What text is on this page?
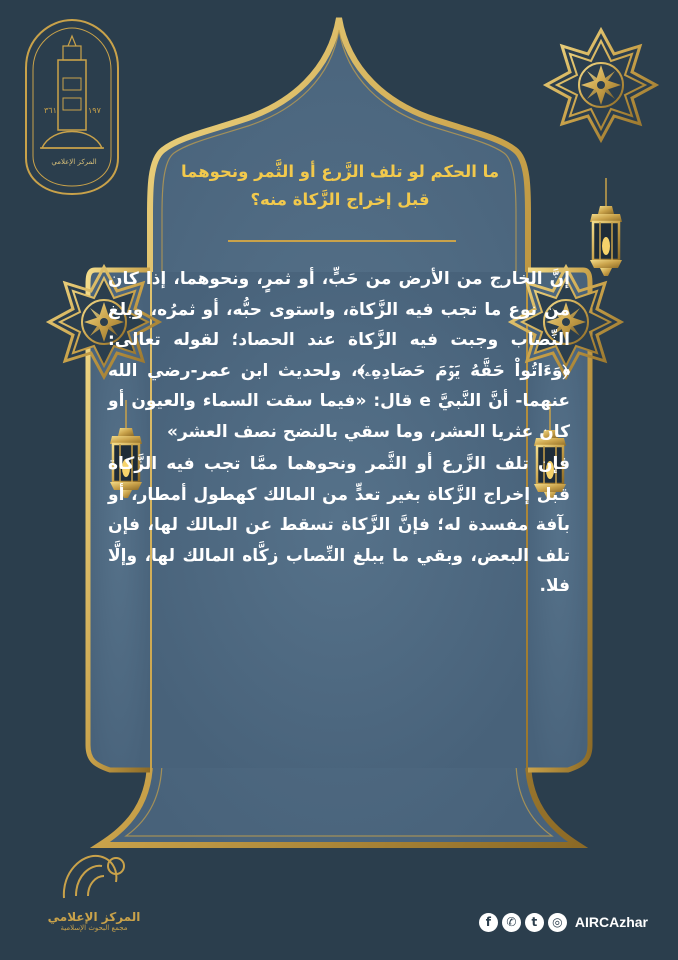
٣٦١	١٩٧
ما الحكم لو تلف الزَّرع أو الثَّمر ونحوهما
قبل إخراج الزَّكاة منه؟

إنَّ الخارج من الأرض من حَبٍّ، أو ثمرٍ، ونحوهما، إذا كان من نوع ما تجب فيه الزَّكاة، واستوى حبُّه، أو ثمرُه، وبلغ النِّصاب وجبت فيه الزَّكاة عند الحصاد؛ لقوله تعالى: ﴿وَءَاتُواْ حَقَّهُ يَوۡمَ حَصَادِهِۦ﴾، ولحديث ابن عمر-رضي الله عنهما- أنَّ النَّبيَّ e قال: «فيما سقت السماء والعيون أو كان عثريا العشر، وما سقي بالنضح نصف العشر»

فإن تلف الزَّرع أو الثَّمر ونحوهما ممَّا تجب فيه الزَّكاة قبل إخراج الزَّكاة بغير تعدٍّ من المالك كهطول أمطار، أو بآفة مفسدة له؛ فإنَّ الزَّكاة تسقط عن المالك لها، فإن تلف البعض، وبقي ما يبلغ النِّصاب زكَّاه المالك لها، وإلَّا فلا.

المركز الإعلامي
المركز الإعلامي
مجمع البحوث الإسلامية	f	✆	t	◎ AIRCAzhar
